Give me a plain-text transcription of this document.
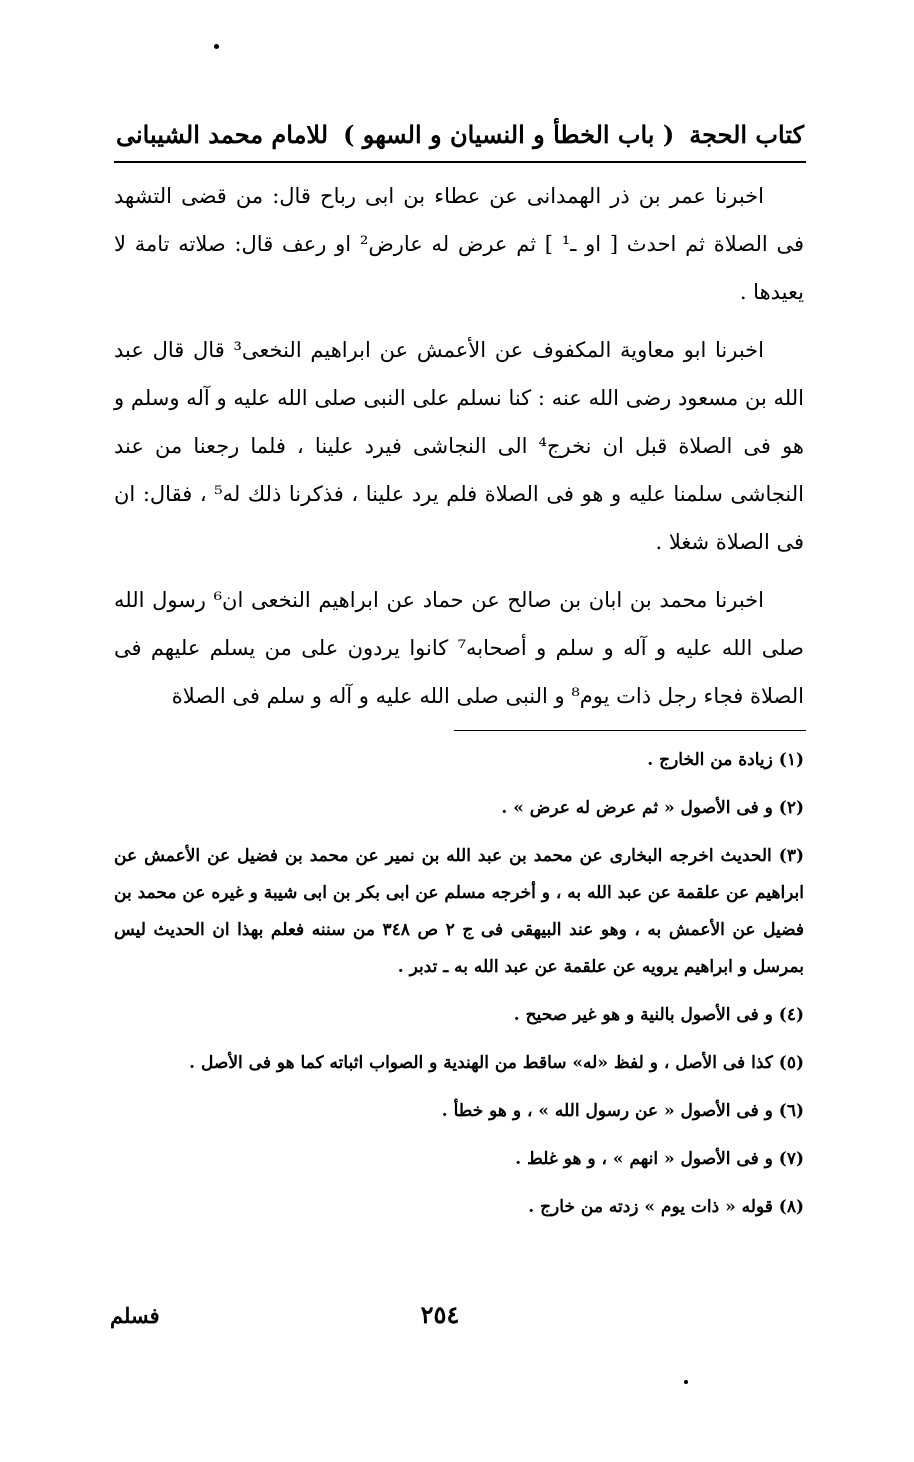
كتاب الحجة
( باب الخطأ و النسيان و السهو )
للامام محمد الشيبانی

اخبرنا عمر بن ذر الهمدانی عن عطاء بن ابی رباح قال: من قضی التشهد فی الصلاة ثم احدث [ او ـ¹ ] ثم عرض له عارض² او رعف قال: صلاته تامة لا يعيدها .

اخبرنا ابو معاوية المكفوف عن الأعمش عن ابراهيم النخعی³ قال قال عبد الله بن مسعود رضی الله عنه : كنا نسلم علی النبی صلی الله عليه و آله وسلم و هو فی الصلاة قبل ان نخرج⁴ الی النجاشی فيرد علينا ، فلما رجعنا من عند النجاشی سلمنا عليه و هو فی الصلاة فلم يرد علينا ، فذكرنا ذلك له⁵ ، فقال: ان فی الصلاة شغلا .

اخبرنا محمد بن ابان بن صالح عن حماد عن ابراهيم النخعی ان⁶ رسول الله صلی الله عليه و آله و سلم و أصحابه⁷ كانوا يردون علی من يسلم عليهم فی الصلاة فجاء رجل ذات يوم⁸ و النبی صلی الله عليه و آله و سلم فی الصلاة

(١) زيادة من الخارج .

(٢) و فی الأصول « ثم عرض له عرض » .

(٣) الحديث اخرجه البخاری عن محمد بن عبد الله بن نمير عن محمد بن فضيل عن الأعمش عن ابراهيم عن علقمة عن عبد الله به ، و أخرجه مسلم عن ابی بكر بن ابی شيبة و غيره عن محمد بن فضيل عن الأعمش به ، وهو عند البيهقی فی ج ٢ ص ٣٤٨ من سننه فعلم بهذا ان الحديث ليس بمرسل و ابراهيم يرويه عن علقمة عن عبد الله به ـ تدبر .

(٤) و فی الأصول بالنية و هو غير صحيح .

(٥) كذا فی الأصل ، و لفظ «له» ساقط من الهندية و الصواب اثباته كما هو فی الأصل .

(٦) و فی الأصول « عن رسول الله » ، و هو خطأ .

(٧) و فی الأصول « انهم » ، و هو غلط .

(٨) قوله « ذات يوم » زدته من خارج .

٢٥٤
فسلم
